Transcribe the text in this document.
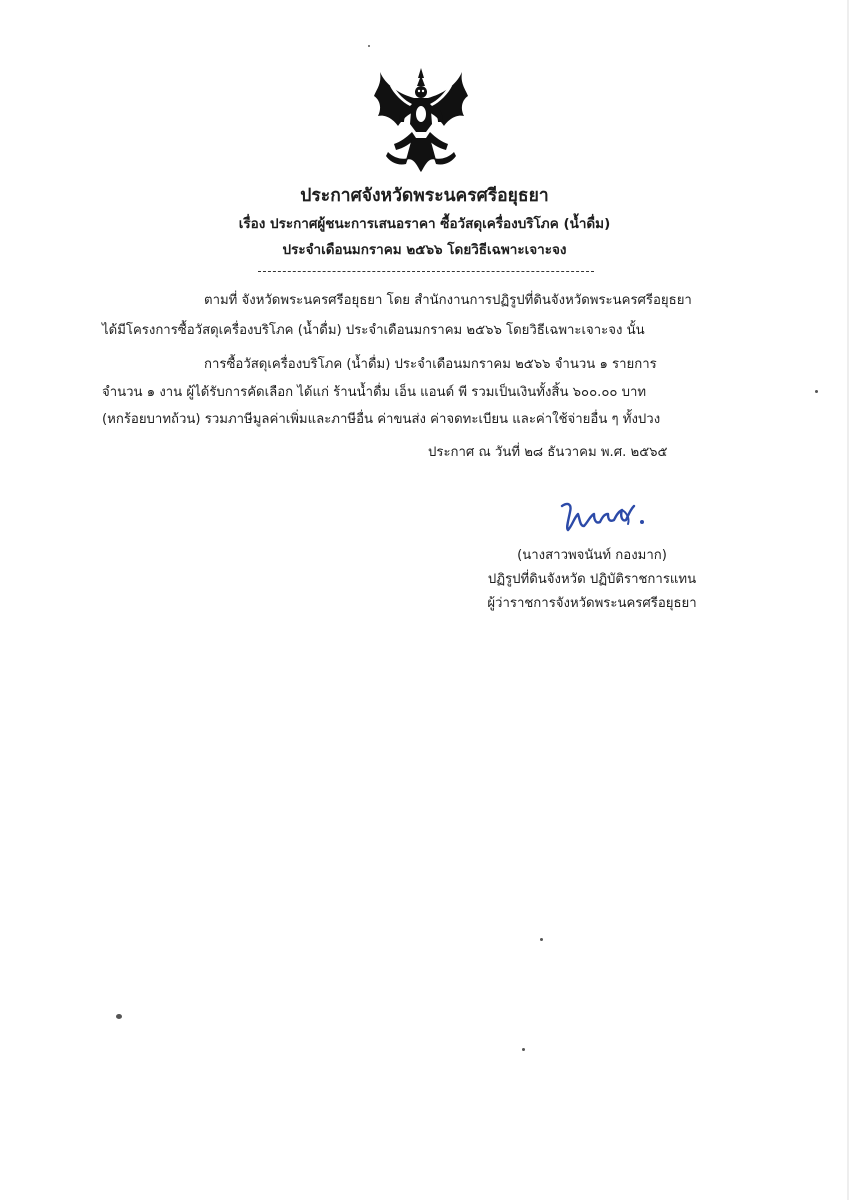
ประกาศจังหวัดพระนครศรีอยุธยา
เรื่อง ประกาศผู้ชนะการเสนอราคา ซื้อวัสดุเครื่องบริโภค (น้ำดื่ม)
ประจำเดือนมกราคม ๒๕๖๖ โดยวิธีเฉพาะเจาะจง
ตามที่ จังหวัดพระนครศรีอยุธยา โดย สำนักงานการปฏิรูปที่ดินจังหวัดพระนครศรีอยุธยา
ได้มีโครงการซื้อวัสดุเครื่องบริโภค (น้ำดื่ม) ประจำเดือนมกราคม ๒๕๖๖ โดยวิธีเฉพาะเจาะจง นั้น
การซื้อวัสดุเครื่องบริโภค (น้ำดื่ม) ประจำเดือนมกราคม ๒๕๖๖ จำนวน ๑ รายการ
จำนวน ๑ งาน ผู้ได้รับการคัดเลือก ได้แก่ ร้านน้ำดื่ม เอ็น แอนด์ พี รวมเป็นเงินทั้งสิ้น ๖๐๐.๐๐ บาท
(หกร้อยบาทถ้วน) รวมภาษีมูลค่าเพิ่มและภาษีอื่น ค่าขนส่ง ค่าจดทะเบียน และค่าใช้จ่ายอื่น ๆ ทั้งปวง
ประกาศ ณ วันที่ ๒๘ ธันวาคม พ.ศ. ๒๕๖๕
(นางสาวพจนันท์ กองมาก)
ปฏิรูปที่ดินจังหวัด ปฏิบัติราชการแทน
ผู้ว่าราชการจังหวัดพระนครศรีอยุธยา
